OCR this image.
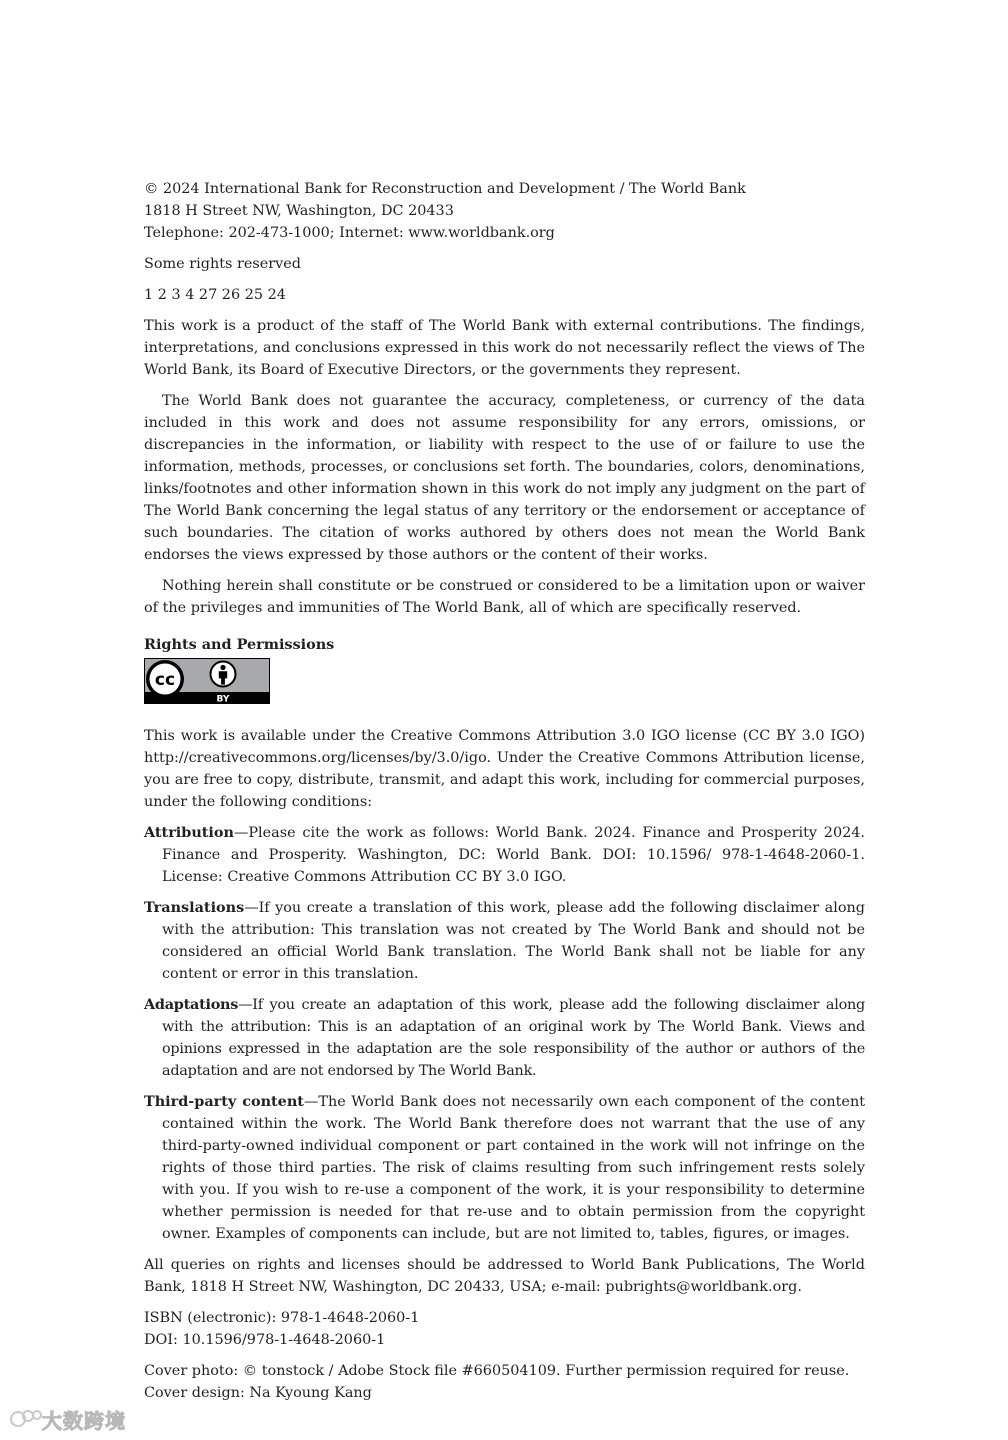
© 2024 International Bank for Reconstruction and Development / The World Bank

1818 H Street NW, Washington, DC 20433

Telephone: 202-473-1000; Internet: www.worldbank.org

Some rights reserved

1 2 3 4 27 26 25 24

This work is a product of the staff of The World Bank with external contributions. The findings, interpretations, and conclusions expressed in this work do not necessarily reflect the views of The World Bank, its Board of Executive Directors, or the governments they represent.

The World Bank does not guarantee the accuracy, completeness, or currency of the data included in this work and does not assume responsibility for any errors, omissions, or discrepancies in the information, or liability with respect to the use of or failure to use the information, methods, processes, or conclusions set forth. The boundaries, colors, denominations, links/footnotes and other information shown in this work do not imply any judgment on the part of The World Bank concerning the legal status of any territory or the endorsement or acceptance of such boundaries. The citation of works authored by others does not mean the World Bank endorses the views expressed by those authors or the content of their works.

Nothing herein shall constitute or be construed or considered to be a limitation upon or waiver of the privileges and immunities of The World Bank, all of which are specifically reserved.

Rights and Permissions

cc
BY

This work is available under the Creative Commons Attribution 3.0 IGO license (CC BY 3.0 IGO) http://creativecommons.org/licenses/by/3.0/igo. Under the Creative Commons Attribution license, you are free to copy, distribute, transmit, and adapt this work, including for commercial purposes, under the following conditions:

Attribution—Please cite the work as follows: World Bank. 2024. Finance and Prosperity 2024. Finance and Prosperity. Washington, DC: World Bank. DOI: 10.1596/ 978-1-4648-2060-1. License: Creative Commons Attribution CC BY 3.0 IGO.

Translations—If you create a translation of this work, please add the following disclaimer along with the attribution: This translation was not created by The World Bank and should not be considered an official World Bank translation. The World Bank shall not be liable for any content or error in this translation.

Adaptations—If you create an adaptation of this work, please add the following disclaimer along with the attribution: This is an adaptation of an original work by The World Bank. Views and opinions expressed in the adaptation are the sole responsibility of the author or authors of the adaptation and are not endorsed by The World Bank.

Third-party content—The World Bank does not necessarily own each component of the content contained within the work. The World Bank therefore does not warrant that the use of any third-party-owned individual component or part contained in the work will not infringe on the rights of those third parties. The risk of claims resulting from such infringement rests solely with you. If you wish to re-use a component of the work, it is your responsibility to determine whether permission is needed for that re-use and to obtain permission from the copyright owner. Examples of components can include, but are not limited to, tables, figures, or images.

All queries on rights and licenses should be addressed to World Bank Publications, The World Bank, 1818 H Street NW, Washington, DC 20433, USA; e-mail: pubrights@worldbank.org.

ISBN (electronic): 978-1-4648-2060-1

DOI: 10.1596/978-1-4648-2060-1

Cover photo: © tonstock / Adobe Stock file #660504109. Further permission required for reuse.

Cover design: Na Kyoung Kang

大数跨境
